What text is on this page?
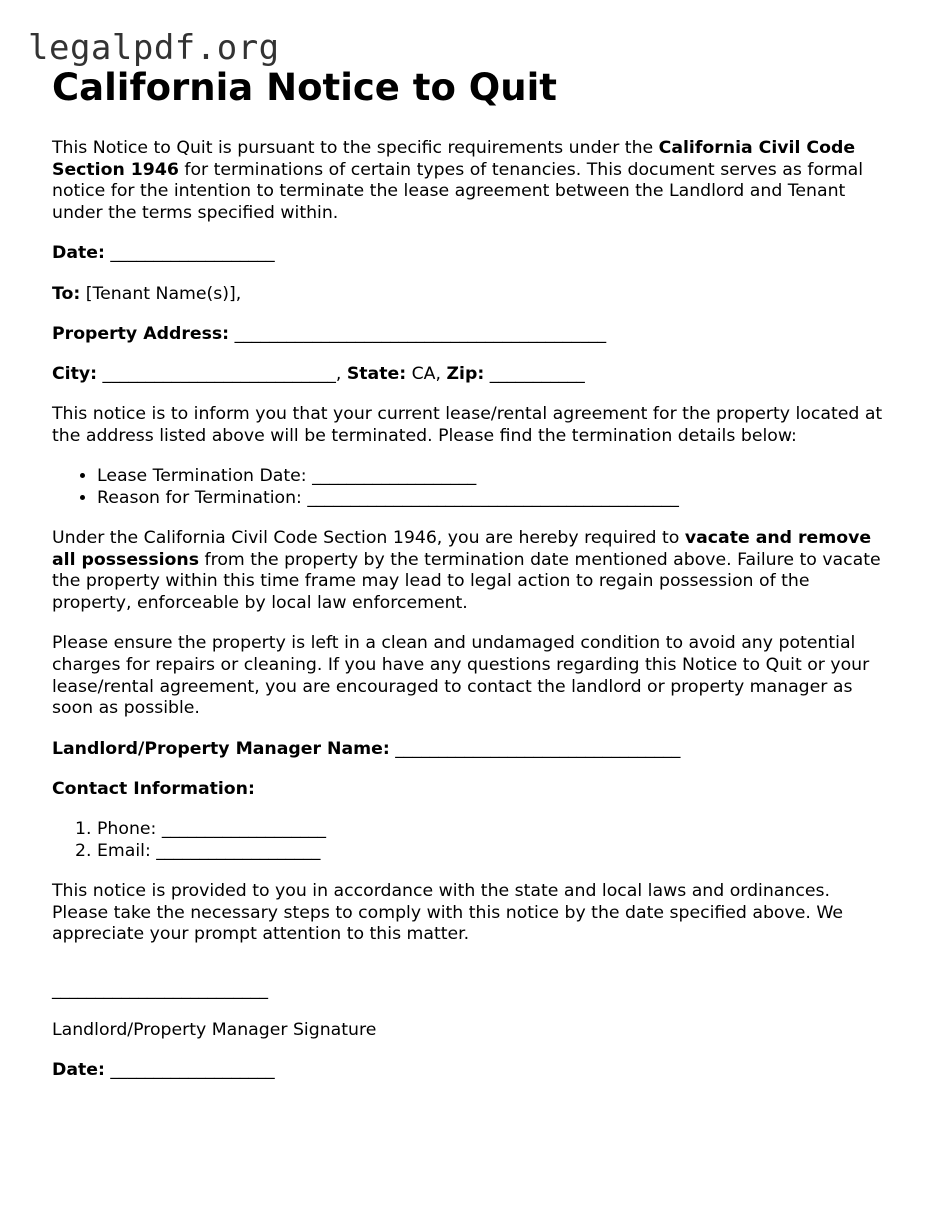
legalpdf.org
California Notice to Quit

This Notice to Quit is pursuant to the specific requirements under the California Civil Code Section 1946 for terminations of certain types of tenancies. This document serves as formal notice for the intention to terminate the lease agreement between the Landlord and Tenant under the terms specified within.

Date: ___________________

To: [Tenant Name(s)],

Property Address: ___________________________________________

City: ___________________________, State: CA, Zip: ___________

This notice is to inform you that your current lease/rental agreement for the property located at the address listed above will be terminated. Please find the termination details below:

• Lease Termination Date: ___________________
• Reason for Termination: ___________________________________________

Under the California Civil Code Section 1946, you are hereby required to vacate and remove all possessions from the property by the termination date mentioned above. Failure to vacate the property within this time frame may lead to legal action to regain possession of the property, enforceable by local law enforcement.

Please ensure the property is left in a clean and undamaged condition to avoid any potential charges for repairs or cleaning. If you have any questions regarding this Notice to Quit or your lease/rental agreement, you are encouraged to contact the landlord or property manager as soon as possible.

Landlord/Property Manager Name: _________________________________

Contact Information:

1. Phone: ___________________
2. Email: ___________________

This notice is provided to you in accordance with the state and local laws and ordinances. Please take the necessary steps to comply with this notice by the date specified above. We appreciate your prompt attention to this matter.

_________________________

Landlord/Property Manager Signature

Date: ___________________
